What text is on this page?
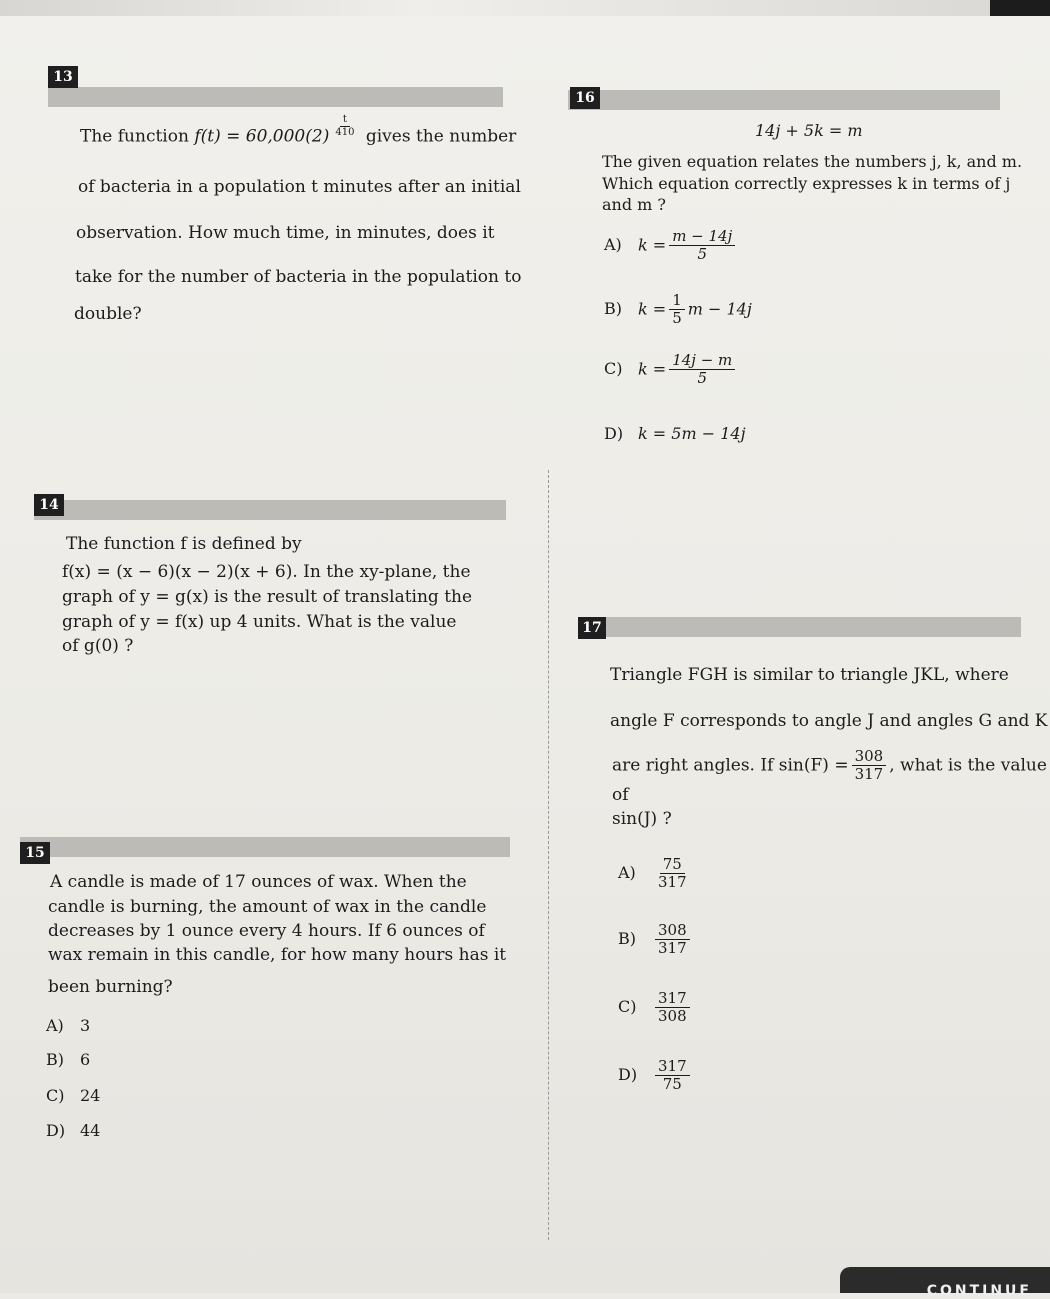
13
The function f(t) = 60,000(2) $^{\frac{t}{410}}$ gives the number
of bacteria in a population t minutes after an initial
observation. How much time, in minutes, does it
take for the number of bacteria in the population to
double?
16
14j + 5k = m
The given equation relates the numbers j, k, and m.
Which equation correctly expresses k in terms of j
and m ?
A) $k = \frac{m - 14j}{5}$
B) $k = \frac{1}{5}$ m − 14j
C) $k = \frac{14j - m}{5}$
D) k = 5m − 14j
14
The function f is defined by
f(x) = (x − 6)(x − 2)(x + 6). In the xy-plane, the
graph of y = g(x) is the result of translating the
graph of y = f(x) up 4 units. What is the value
of g(0) ?
17
Triangle FGH is similar to triangle JKL, where
angle F corresponds to angle J and angles G and K
are right angles. If $\sin(F) = \frac{308}{317}$ , what is the value of
sin(J) ?
$A) \frac{75}{317}$
$B) \frac{308}{317}$
$C) \frac{317}{308}$
$D) \frac{317}{75}$
15
A candle is made of 17 ounces of wax. When the
candle is burning, the amount of wax in the candle
decreases by 1 ounce every 4 hours. If 6 ounces of
wax remain in this candle, for how many hours has it
been burning?
A) 3
B) 6
C) 24
D) 44
CONTINUE
